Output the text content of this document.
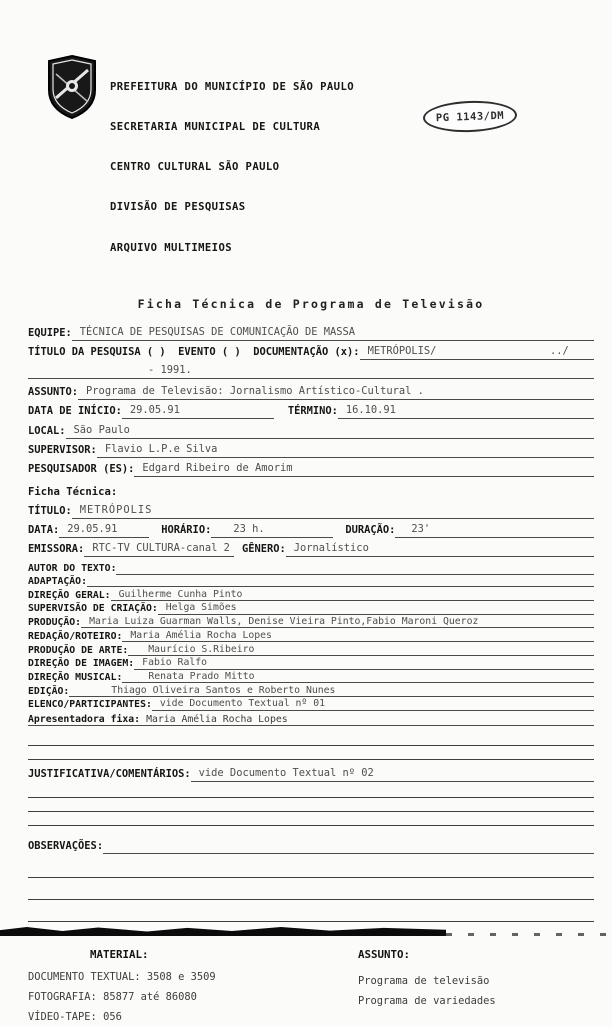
PREFEITURA DO MUNICÍPIO DE SÃO PAULO

SECRETARIA MUNICIPAL DE CULTURA

CENTRO CULTURAL SÃO PAULO

DIVISÃO DE PESQUISAS

ARQUIVO MULTIMEIOS

Ficha Técnica de Programa de Televisão
EQUIPE: TÉCNICA DE PESQUISAS DE COMUNICAÇÃO DE MASSA
TÍTULO DA PESQUISA ( )  EVENTO ( )  DOCUMENTAÇÃO (x): METRÓPOLIS/	../
- 1991.
ASSUNTO: Programa de Televisão: Jornalismo Artístico-Cultural .
DATA DE INÍCIO: 29.05.91	TÉRMINO: 16.10.91
LOCAL: São Paulo
SUPERVISOR: Flavio L.P.e Silva
PESQUISADOR (ES): Edgard Ribeiro de Amorim
Ficha Técnica:
TÍTULO: METRÓPOLIS
DATA: 29.05.91	HORÁRIO:	23 h.	DURAÇÃO:	23'
EMISSORA: RTC-TV CULTURA-canal 2	GÊNERO: Jornalístico
AUTOR DO TEXTO:
ADAPTAÇÃO:
DIREÇÃO GERAL: Guilherme Cunha Pinto
SUPERVISÃO DE CRIAÇÃO: Helga Simões
PRODUÇÃO: Maria Luiza Guarman Walls, Denise Vieira Pinto,Fabio Maroni Queroz
REDAÇÃO/ROTEIRO: Maria Amélia Rocha Lopes
PRODUÇÃO DE ARTE:	Maurício S.Ribeiro
DIREÇÃO DE IMAGEM: Fabio Ralfo
DIREÇÃO MUSICAL:	Renata Prado Mitto
EDIÇÃO:	Thiago Oliveira Santos e Roberto Nunes
ELENCO/PARTICIPANTES: vide Documento Textual nº 01
Apresentadora fixa: Maria Amélia Rocha Lopes
JUSTIFICATIVA/COMENTÁRIOS: vide Documento Textual nº 02
OBSERVAÇÕES:
MATERIAL:
DOCUMENTO TEXTUAL: 3508 e 3509
FOTOGRAFIA: 85877 até 86080
VÍDEO-TAPE: 056
ASSUNTO:
Programa de televisão
Programa de variedades
PG 1143/DM
